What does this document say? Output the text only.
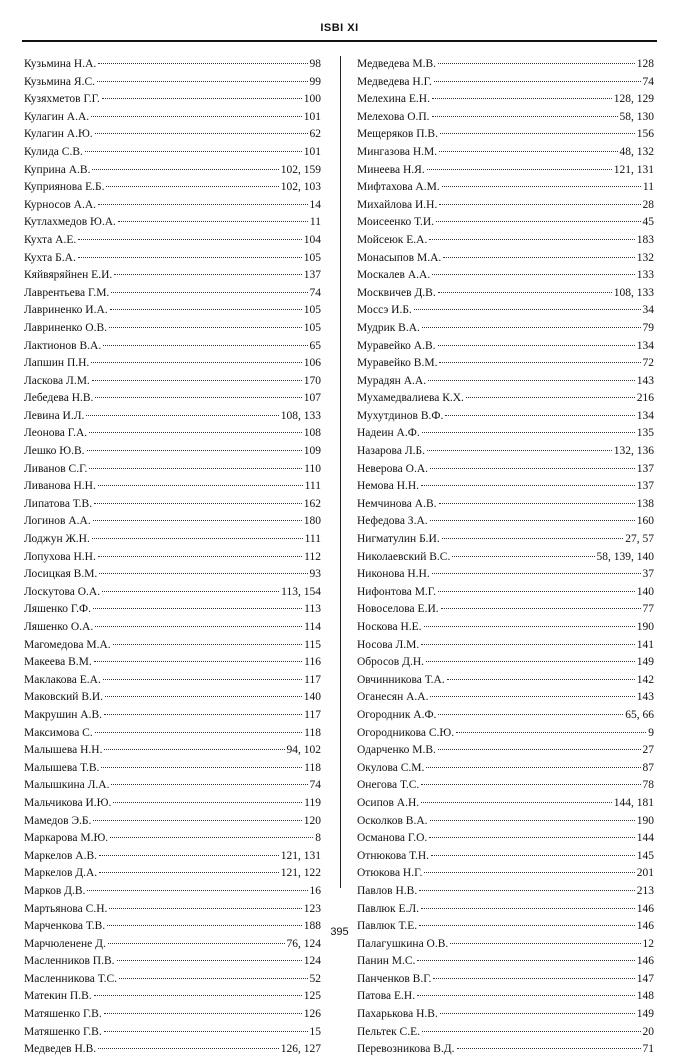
ISBI XI
Кузьмина Н.А.	98
Кузьмина Я.С.	99
Кузяхметов Г.Г.	100
Кулагин А.А.	101
Кулагин А.Ю.	62
Кулида С.В.	101
Куприна А.В.	102, 159
Куприянова Е.Б.	102, 103
Курносов А.А.	14
Кутлахмедов Ю.А.	11
Кухта А.Е.	104
Кухта Б.А.	105
Кяйвяряйнен Е.И.	137
Лаврентьева Г.М.	74
Лавриненко И.А.	105
Лавриненко О.В.	105
Лактионов В.А.	65
Лапшин П.Н.	106
Ласкова Л.М.	170
Лебедева Н.В.	107
Левина И.Л.	108, 133
Леонова Г.А.	108
Лешко Ю.В.	109
Ливанов С.Г.	110
Ливанова Н.Н.	111
Липатова Т.В.	162
Логинов А.А.	180
Лоджун Ж.Н.	111
Лопухова Н.Н.	112
Лосицкая В.М.	93
Лоскутова О.А.	113, 154
Ляшенко Г.Ф.	113
Ляшенко О.А.	114
Магомедова М.А.	115
Макеева В.М.	116
Маклакова Е.А.	117
Маковский В.И.	140
Макрушин А.В.	117
Максимова С.	118
Малышева Н.Н.	94, 102
Малышева Т.В.	118
Малышкина Л.А.	74
Мальчикова И.Ю.	119
Мамедов Э.Б.	120
Маркарова М.Ю.	8
Маркелов А.В.	121, 131
Маркелов Д.А.	121, 122
Марков Д.В.	16
Мартьянова С.Н.	123
Марченкова Т.В.	188
Марчюленене Д.	76, 124
Масленников П.В.	124
Масленникова Т.С.	52
Матекин П.В.	125
Матяшенко Г.В.	126
Матяшенко Г.В.	15
Медведев Н.В.	126, 127
Медведева М.В.	128
Медведева Н.Г.	74
Мелехина Е.Н.	128, 129
Мелехова О.П.	58, 130
Мещеряков П.В.	156
Мингазова Н.М.	48, 132
Минеева Н.Я.	121, 131
Мифтахова А.М.	11
Михайлова И.Н.	28
Моисеенко Т.И.	45
Мойсеюк Е.А.	183
Монасыпов М.А.	132
Москалев А.А.	133
Москвичев Д.В.	108, 133
Моссэ И.Б.	34
Мудрик В.А.	79
Муравейко А.В.	134
Муравейко В.М.	72
Мурадян А.А.	143
Мухамедвалиева К.Х.	216
Мухутдинов В.Ф.	134
Надеин А.Ф.	135
Назарова Л.Б.	132, 136
Неверова О.А.	137
Немова Н.Н.	137
Немчинова А.В.	138
Нефедова З.А.	160
Нигматулин Б.И.	27, 57
Николаевский В.С.	58, 139, 140
Никонова Н.Н.	37
Нифонтова М.Г.	140
Новоселова Е.И.	77
Носкова Н.Е.	190
Носова Л.М.	141
Обросов Д.Н.	149
Овчинникова Т.А.	142
Оганесян А.А.	143
Огородник А.Ф.	65, 66
Огородникова С.Ю.	9
Одарченко М.В.	27
Окулова С.М.	87
Онегова Т.С.	78
Осипов А.Н.	144, 181
Осколков В.А.	190
Османова Г.О.	144
Отнюкова Т.Н.	145
Отюкова Н.Г.	201
Павлов Н.В.	213
Павлюк Е.Л.	146
Павлюк Т.Е.	146
Палагушкина О.В.	12
Панин М.С.	146
Панченков В.Г.	147
Патова Е.Н.	148
Пахарькова Н.В.	149
Пельтек С.Е.	20
Перевозникова В.Д.	71
395
